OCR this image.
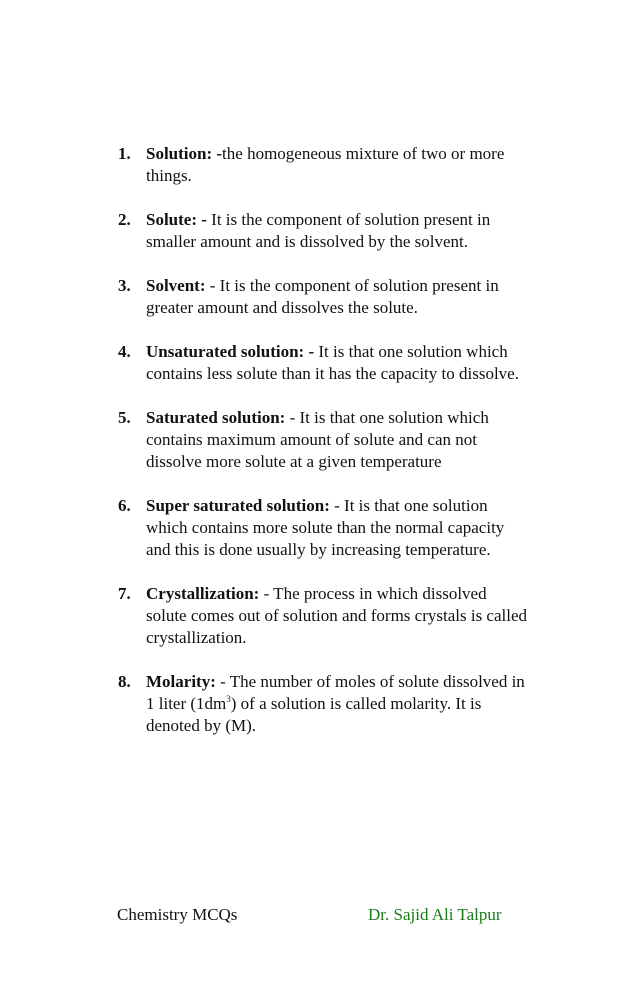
1. Solution: -the homogeneous mixture of two or more things.
2. Solute: - It is the component of solution present in smaller amount and is dissolved by the solvent.
3. Solvent: - It is the component of solution present in greater amount and dissolves the solute.
4. Unsaturated solution: - It is that one solution which contains less solute than it has the capacity to dissolve.
5. Saturated solution: - It is that one solution which contains maximum amount of solute and can not dissolve more solute at a given temperature
6. Super saturated solution: - It is that one solution which contains more solute than the normal capacity and this is done usually by increasing temperature.
7. Crystallization: - The process in which dissolved solute comes out of solution and forms crystals is called crystallization.
8. Molarity: - The number of moles of solute dissolved in 1 liter $(1dm^3)$ of a solution is called molarity. It is denoted by (M).
Chemistry MCQs	Dr. Sajid Ali Talpur
